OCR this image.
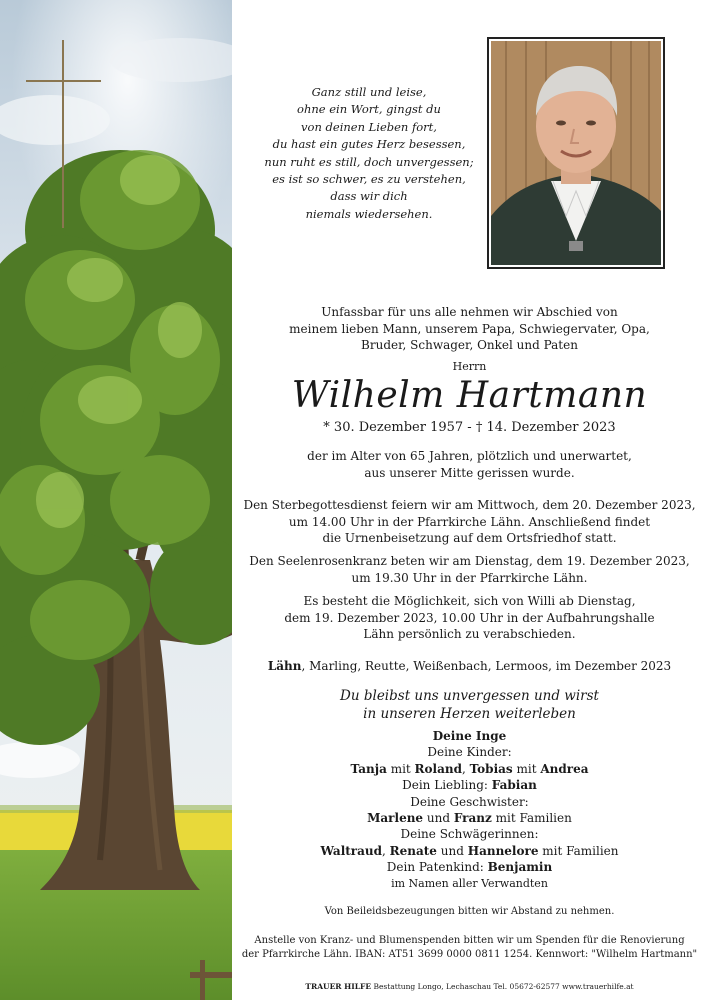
Ganz still und leise,
ohne ein Wort, gingst du
von deinen Lieben fort,
du hast ein gutes Herz besessen,
nun ruht es still, doch unvergessen;
es ist so schwer, es zu verstehen,
dass wir dich
niemals wiedersehen.
Unfassbar für uns alle nehmen wir Abschied von
meinem lieben Mann, unserem Papa, Schwiegervater, Opa,
Bruder, Schwager, Onkel und Paten
Herrn
Wilhelm Hartmann
* 30. Dezember 1957 - † 14. Dezember 2023
der im Alter von 65 Jahren, plötzlich und unerwartet,
aus unserer Mitte gerissen wurde.
Den Sterbegottesdienst feiern wir am Mittwoch, dem 20. Dezember 2023,
um 14.00 Uhr in der Pfarrkirche Lähn. Anschließend findet
die Urnenbeisetzung auf dem Ortsfriedhof statt.
Den Seelenrosenkranz beten wir am Dienstag, dem 19. Dezember 2023,
um 19.30 Uhr in der Pfarrkirche Lähn.
Es besteht die Möglichkeit, sich von Willi ab Dienstag,
dem 19. Dezember 2023, 10.00 Uhr in der Aufbahrungshalle
Lähn persönlich zu verabschieden.
Lähn, Marling, Reutte, Weißenbach, Lermoos, im Dezember 2023
Du bleibst uns unvergessen und wirst
in unseren Herzen weiterleben
Deine Inge
Deine Kinder:
Tanja mit Roland, Tobias mit Andrea
Dein Liebling: Fabian
Deine Geschwister:
Marlene und Franz mit Familien
Deine Schwägerinnen:
Waltraud, Renate und Hannelore mit Familien
Dein Patenkind: Benjamin
im Namen aller Verwandten
Von Beileidsbezeugungen bitten wir Abstand zu nehmen.
Anstelle von Kranz- und Blumenspenden bitten wir um Spenden für die Renovierung
der Pfarrkirche Lähn. IBAN: AT51 3699 0000 0811 1254. Kennwort: "Wilhelm Hartmann"
TRAUER HILFE Bestattung Longo, Lechaschau Tel. 05672-62577 www.trauerhilfe.at
